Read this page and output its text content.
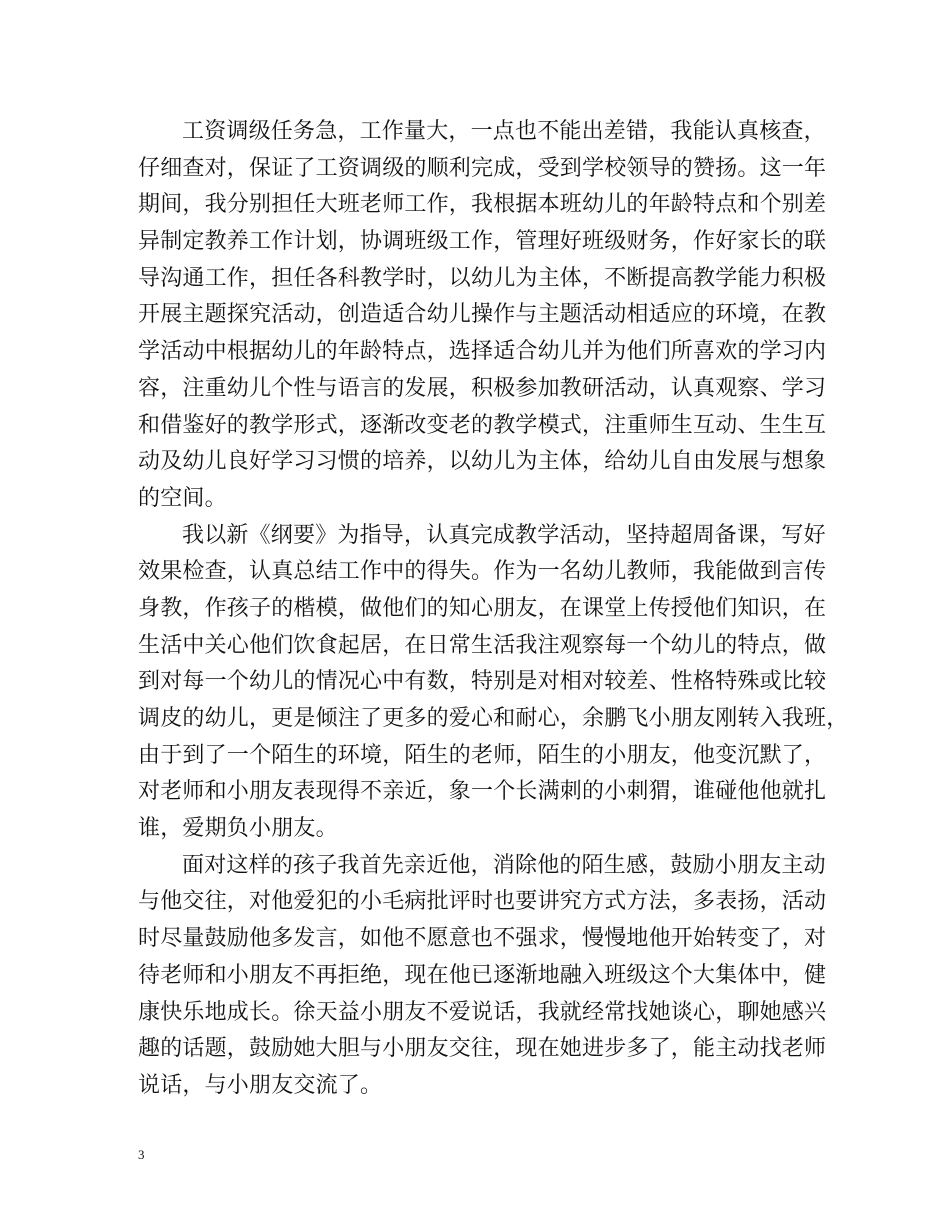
工资调级任务急，工作量大，一点也不能出差错，我能认真核查，
仔细查对，保证了工资调级的顺利完成，受到学校领导的赞扬。这一年
期间，我分别担任大班老师工作，我根据本班幼儿的年龄特点和个别差
异制定教养工作计划，协调班级工作，管理好班级财务，作好家长的联
导沟通工作，担任各科教学时，以幼儿为主体，不断提高教学能力积极
开展主题探究活动，创造适合幼儿操作与主题活动相适应的环境，在教
学活动中根据幼儿的年龄特点，选择适合幼儿并为他们所喜欢的学习内
容，注重幼儿个性与语言的发展，积极参加教研活动，认真观察、学习
和借鉴好的教学形式，逐渐改变老的教学模式，注重师生互动、生生互
动及幼儿良好学习习惯的培养，以幼儿为主体，给幼儿自由发展与想象
的空间。
我以新《纲要》为指导，认真完成教学活动，坚持超周备课，写好
效果检查，认真总结工作中的得失。作为一名幼儿教师，我能做到言传
身教，作孩子的楷模，做他们的知心朋友，在课堂上传授他们知识，在
生活中关心他们饮食起居，在日常生活我注观察每一个幼儿的特点，做
到对每一个幼儿的情况心中有数，特别是对相对较差、性格特殊或比较
调皮的幼儿，更是倾注了更多的爱心和耐心，余鹏飞小朋友刚转入我班，
由于到了一个陌生的环境，陌生的老师，陌生的小朋友，他变沉默了，
对老师和小朋友表现得不亲近，象一个长满刺的小刺猬，谁碰他他就扎
谁，爱期负小朋友。
面对这样的孩子我首先亲近他，消除他的陌生感，鼓励小朋友主动
与他交往，对他爱犯的小毛病批评时也要讲究方式方法，多表扬，活动
时尽量鼓励他多发言，如他不愿意也不强求，慢慢地他开始转变了，对
待老师和小朋友不再拒绝，现在他已逐渐地融入班级这个大集体中，健
康快乐地成长。徐天益小朋友不爱说话，我就经常找她谈心，聊她感兴
趣的话题，鼓励她大胆与小朋友交往，现在她进步多了，能主动找老师
说话，与小朋友交流了。
3
